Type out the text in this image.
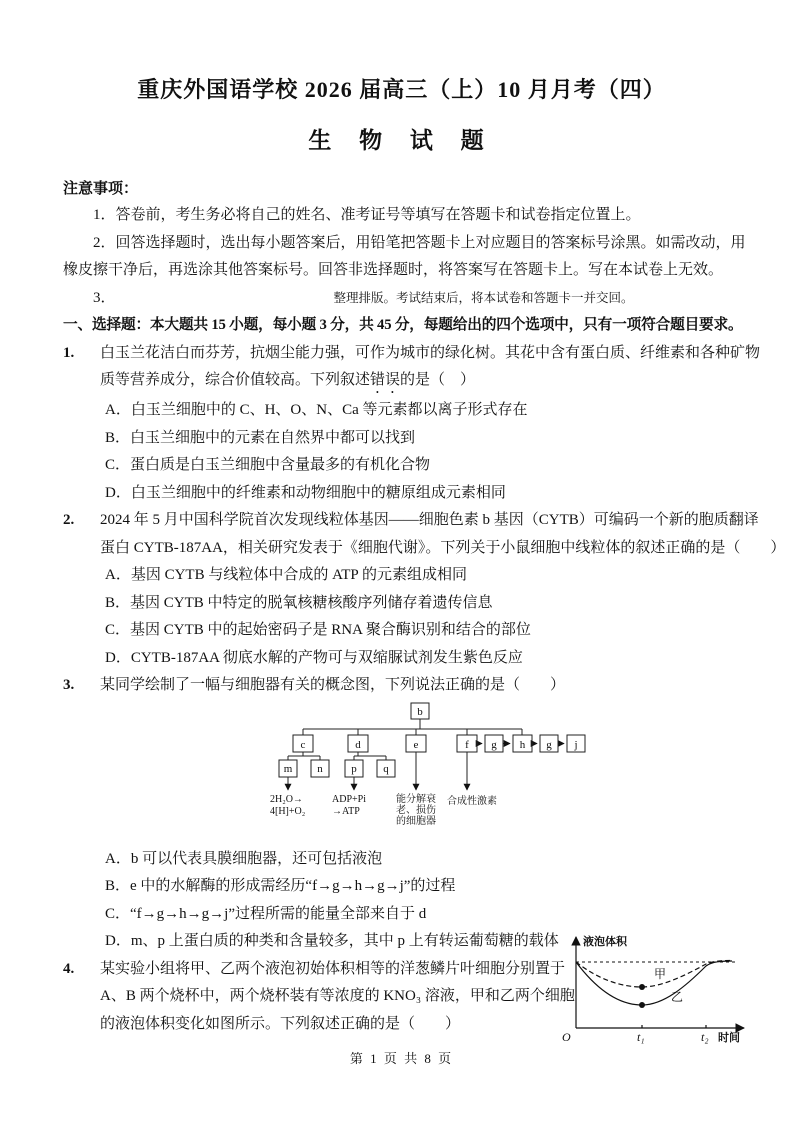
重庆外国语学校 2026 届高三（上）10 月月考（四）
生 物 试 题
注意事项：
1．答卷前，考生务必将自己的姓名、准考证号等填写在答题卡和试卷指定位置上。
2．回答选择题时，选出每小题答案后，用铅笔把答题卡上对应题目的答案标号涂黑。如需改动，用
橡皮擦干净后，再选涂其他答案标号。回答非选择题时，将答案写在答题卡上。写在本试卷上无效。
3．	整理排版。考试结束后，将本试卷和答题卡一并交回。
一、选择题：本大题共 15 小题，每小题 3 分，共 45 分，每题给出的四个选项中，只有一项符合题目要求。
1. 白玉兰花洁白而芬芳，抗烟尘能力强，可作为城市的绿化树。其花中含有蛋白质、纤维素和各种矿物
质等营养成分，综合价值较高。下列叙述错误的是（　）
A．白玉兰细胞中的 C、H、O、N、Ca 等元素都以离子形式存在
B．白玉兰细胞中的元素在自然界中都可以找到
C．蛋白质是白玉兰细胞中含量最多的有机化合物
D．白玉兰细胞中的纤维素和动物细胞中的糖原组成元素相同
2. 2024 年 5 月中国科学院首次发现线粒体基因——细胞色素 b 基因（CYTB）可编码一个新的胞质翻译
蛋白 CYTB-187AA，相关研究发表于《细胞代谢》。下列关于小鼠细胞中线粒体的叙述正确的是（　　）
A．基因 CYTB 与线粒体中合成的 ATP 的元素组成相同
B．基因 CYTB 中特定的脱氧核糖核酸序列储存着遗传信息
C．基因 CYTB 中的起始密码子是 RNA 聚合酶识别和结合的部位
D．CYTB-187AA 彻底水解的产物可与双缩脲试剂发生紫色反应
3. 某同学绘制了一幅与细胞器有关的概念图，下列说法正确的是（　　）
b
c	d	e	f g h g j
m n	p q
2H₂O→
4[H]+O₂
ADP+Pi
→ATP
能分解衰
老、损伤
的细胞器
合成性激素
A．b 可以代表具膜细胞器，还可包括液泡
B．e 中的水解酶的形成需经历“f→g→h→g→j”的过程
C．“f→g→h→g→j”过程所需的能量全部来自于 d
D．m、p 上蛋白质的种类和含量较多，其中 p 上有转运葡萄糖的载体
4. 某实验小组将甲、乙两个液泡初始体积相等的洋葱鳞片叶细胞分别置于
A、B 两个烧杯中，两个烧杯装有等浓度的 KNO₃ 溶液，甲和乙两个细胞
的液泡体积变化如图所示。下列叙述正确的是（　　）
液泡体积
时间
O	t₁	t₂
甲
乙
第 1 页 共 8 页
